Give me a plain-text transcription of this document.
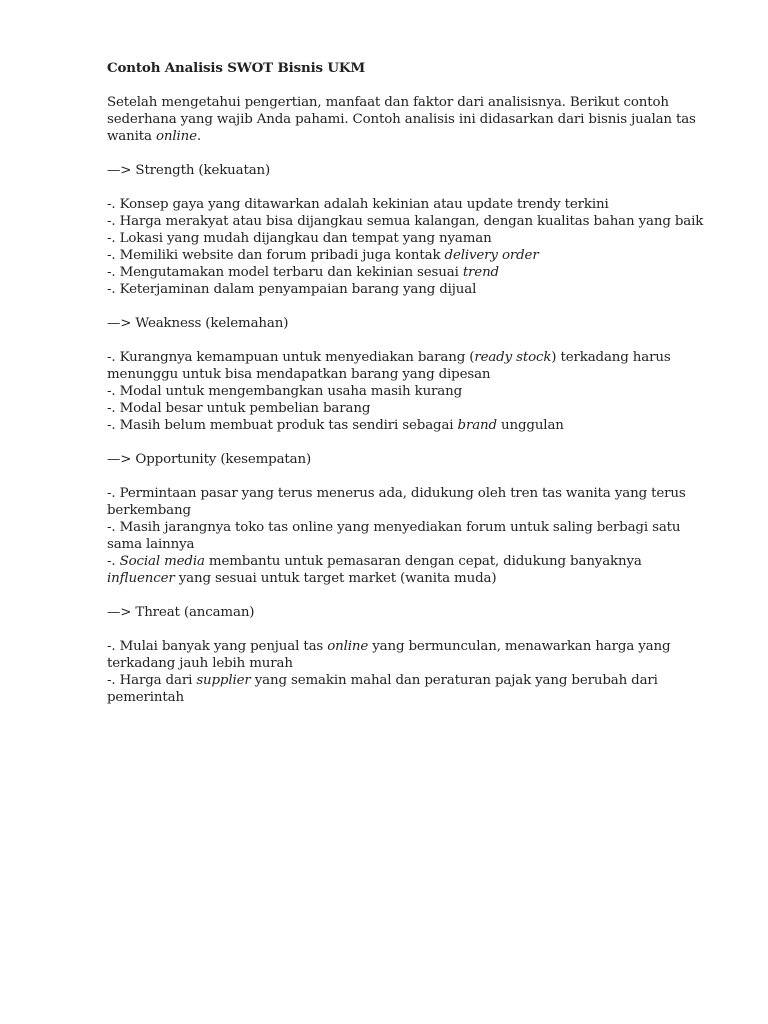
Contoh Analisis SWOT Bisnis UKM
Setelah mengetahui pengertian, manfaat dan faktor dari analisisnya. Berikut contoh sederhana yang wajib Anda pahami. Contoh analisis ini didasarkan dari bisnis jualan tas wanita online.
—> Strength (kekuatan)
-. Konsep gaya yang ditawarkan adalah kekinian atau update trendy terkini
-. Harga merakyat atau bisa dijangkau semua kalangan, dengan kualitas bahan yang baik
-. Lokasi yang mudah dijangkau dan tempat yang nyaman
-. Memiliki website dan forum pribadi juga kontak delivery order
-. Mengutamakan model terbaru dan kekinian sesuai trend
-. Keterjaminan dalam penyampaian barang yang dijual
—> Weakness (kelemahan)
-. Kurangnya kemampuan untuk menyediakan barang (ready stock) terkadang harus menunggu untuk bisa mendapatkan barang yang dipesan
-. Modal untuk mengembangkan usaha masih kurang
-. Modal besar untuk pembelian barang
-. Masih belum membuat produk tas sendiri sebagai brand unggulan
—> Opportunity (kesempatan)
-. Permintaan pasar yang terus menerus ada, didukung oleh tren tas wanita yang terus berkembang
-. Masih jarangnya toko tas online yang menyediakan forum untuk saling berbagi satu sama lainnya
-. Social media membantu untuk pemasaran dengan cepat, didukung banyaknya influencer yang sesuai untuk target market (wanita muda)
—> Threat (ancaman)
-. Mulai banyak yang penjual tas online yang bermunculan, menawarkan harga yang terkadang jauh lebih murah
-. Harga dari supplier yang semakin mahal dan peraturan pajak yang berubah dari pemerintah
